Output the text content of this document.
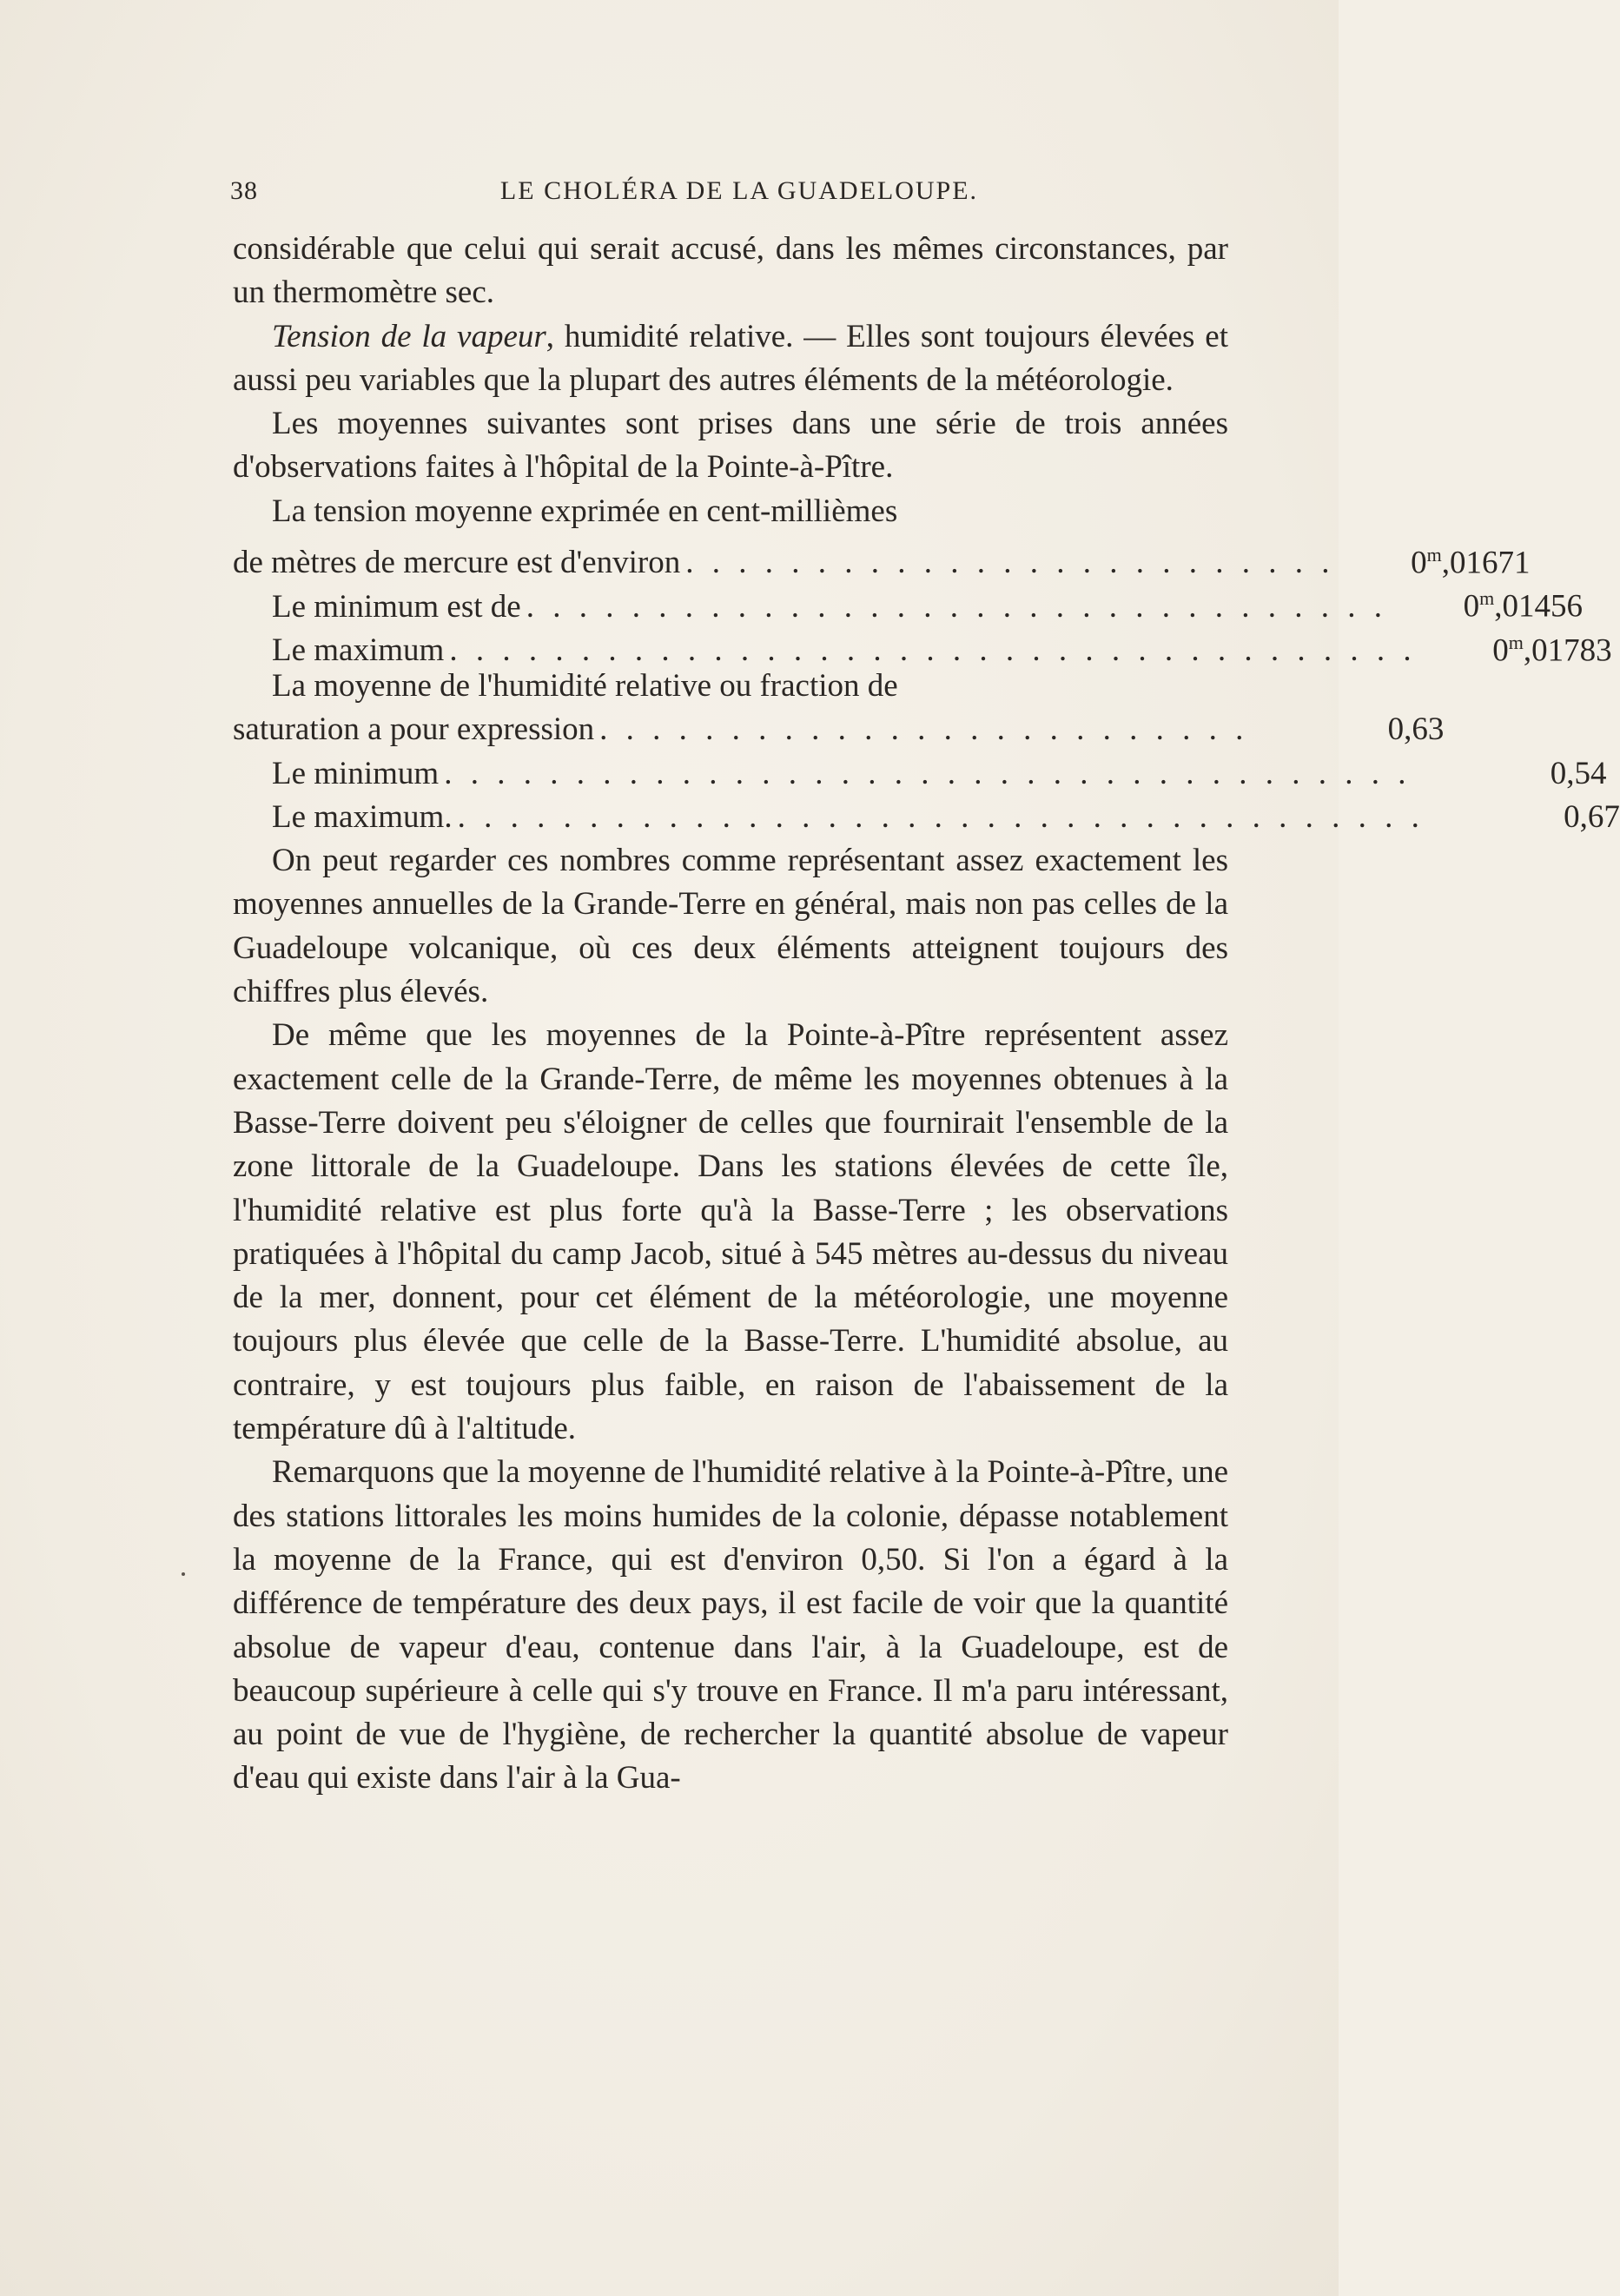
38	LE CHOLÉRA DE LA GUADELOUPE.

considérable que celui qui serait accusé, dans les mêmes circonstances, par un thermomètre sec.

Tension de la vapeur, humidité relative. — Elles sont toujours élevées et aussi peu variables que la plupart des autres éléments de la météorologie.

Les moyennes suivantes sont prises dans une série de trois années d'observations faites à l'hôpital de la Pointe-à-Pître.

La tension moyenne exprimée en cent-millièmes

de mètres de mercure est d'environ . . . . . . . . . . . . . . . . . . . . . . . . .	0$^m$,01671
Le minimum est de . . . . . . . . . . . . . . . . . . . . . . . . . . . . . . . . .	0$^m$,01456
Le maximum . . . . . . . . . . . . . . . . . . . . . . . . . . . . . . . . . . . . .	0$^m$,01783

La moyenne de l'humidité relative ou fraction de

saturation a pour expression . . . . . . . . . . . . . . . . . . . . . . . . .	0,63
Le minimum . . . . . . . . . . . . . . . . . . . . . . . . . . . . . . . . . . . . .	0,54
Le maximum. . . . . . . . . . . . . . . . . . . . . . . . . . . . . . . . . . . . . .	0,67

On peut regarder ces nombres comme représentant assez exactement les moyennes annuelles de la Grande-Terre en général, mais non pas celles de la Guadeloupe volcanique, où ces deux éléments atteignent toujours des chiffres plus élevés.

De même que les moyennes de la Pointe-à-Pître représentent assez exactement celle de la Grande-Terre, de même les moyennes obtenues à la Basse-Terre doivent peu s'éloigner de celles que fournirait l'ensemble de la zone littorale de la Guadeloupe. Dans les stations élevées de cette île, l'humidité relative est plus forte qu'à la Basse-Terre ; les observations pratiquées à l'hôpital du camp Jacob, situé à 545 mètres au-dessus du niveau de la mer, donnent, pour cet élément de la météorologie, une moyenne toujours plus élevée que celle de la Basse-Terre. L'humidité absolue, au contraire, y est toujours plus faible, en raison de l'abaissement de la température dû à l'altitude.

Remarquons que la moyenne de l'humidité relative à la Pointe-à-Pître, une des stations littorales les moins humides de la colonie, dépasse notablement la moyenne de la France, qui est d'environ 0,50. Si l'on a égard à la différence de température des deux pays, il est facile de voir que la quantité absolue de vapeur d'eau, contenue dans l'air, à la Guadeloupe, est de beaucoup supérieure à celle qui s'y trouve en France. Il m'a paru intéressant, au point de vue de l'hygiène, de rechercher la quantité absolue de vapeur d'eau qui existe dans l'air à la Gua-
